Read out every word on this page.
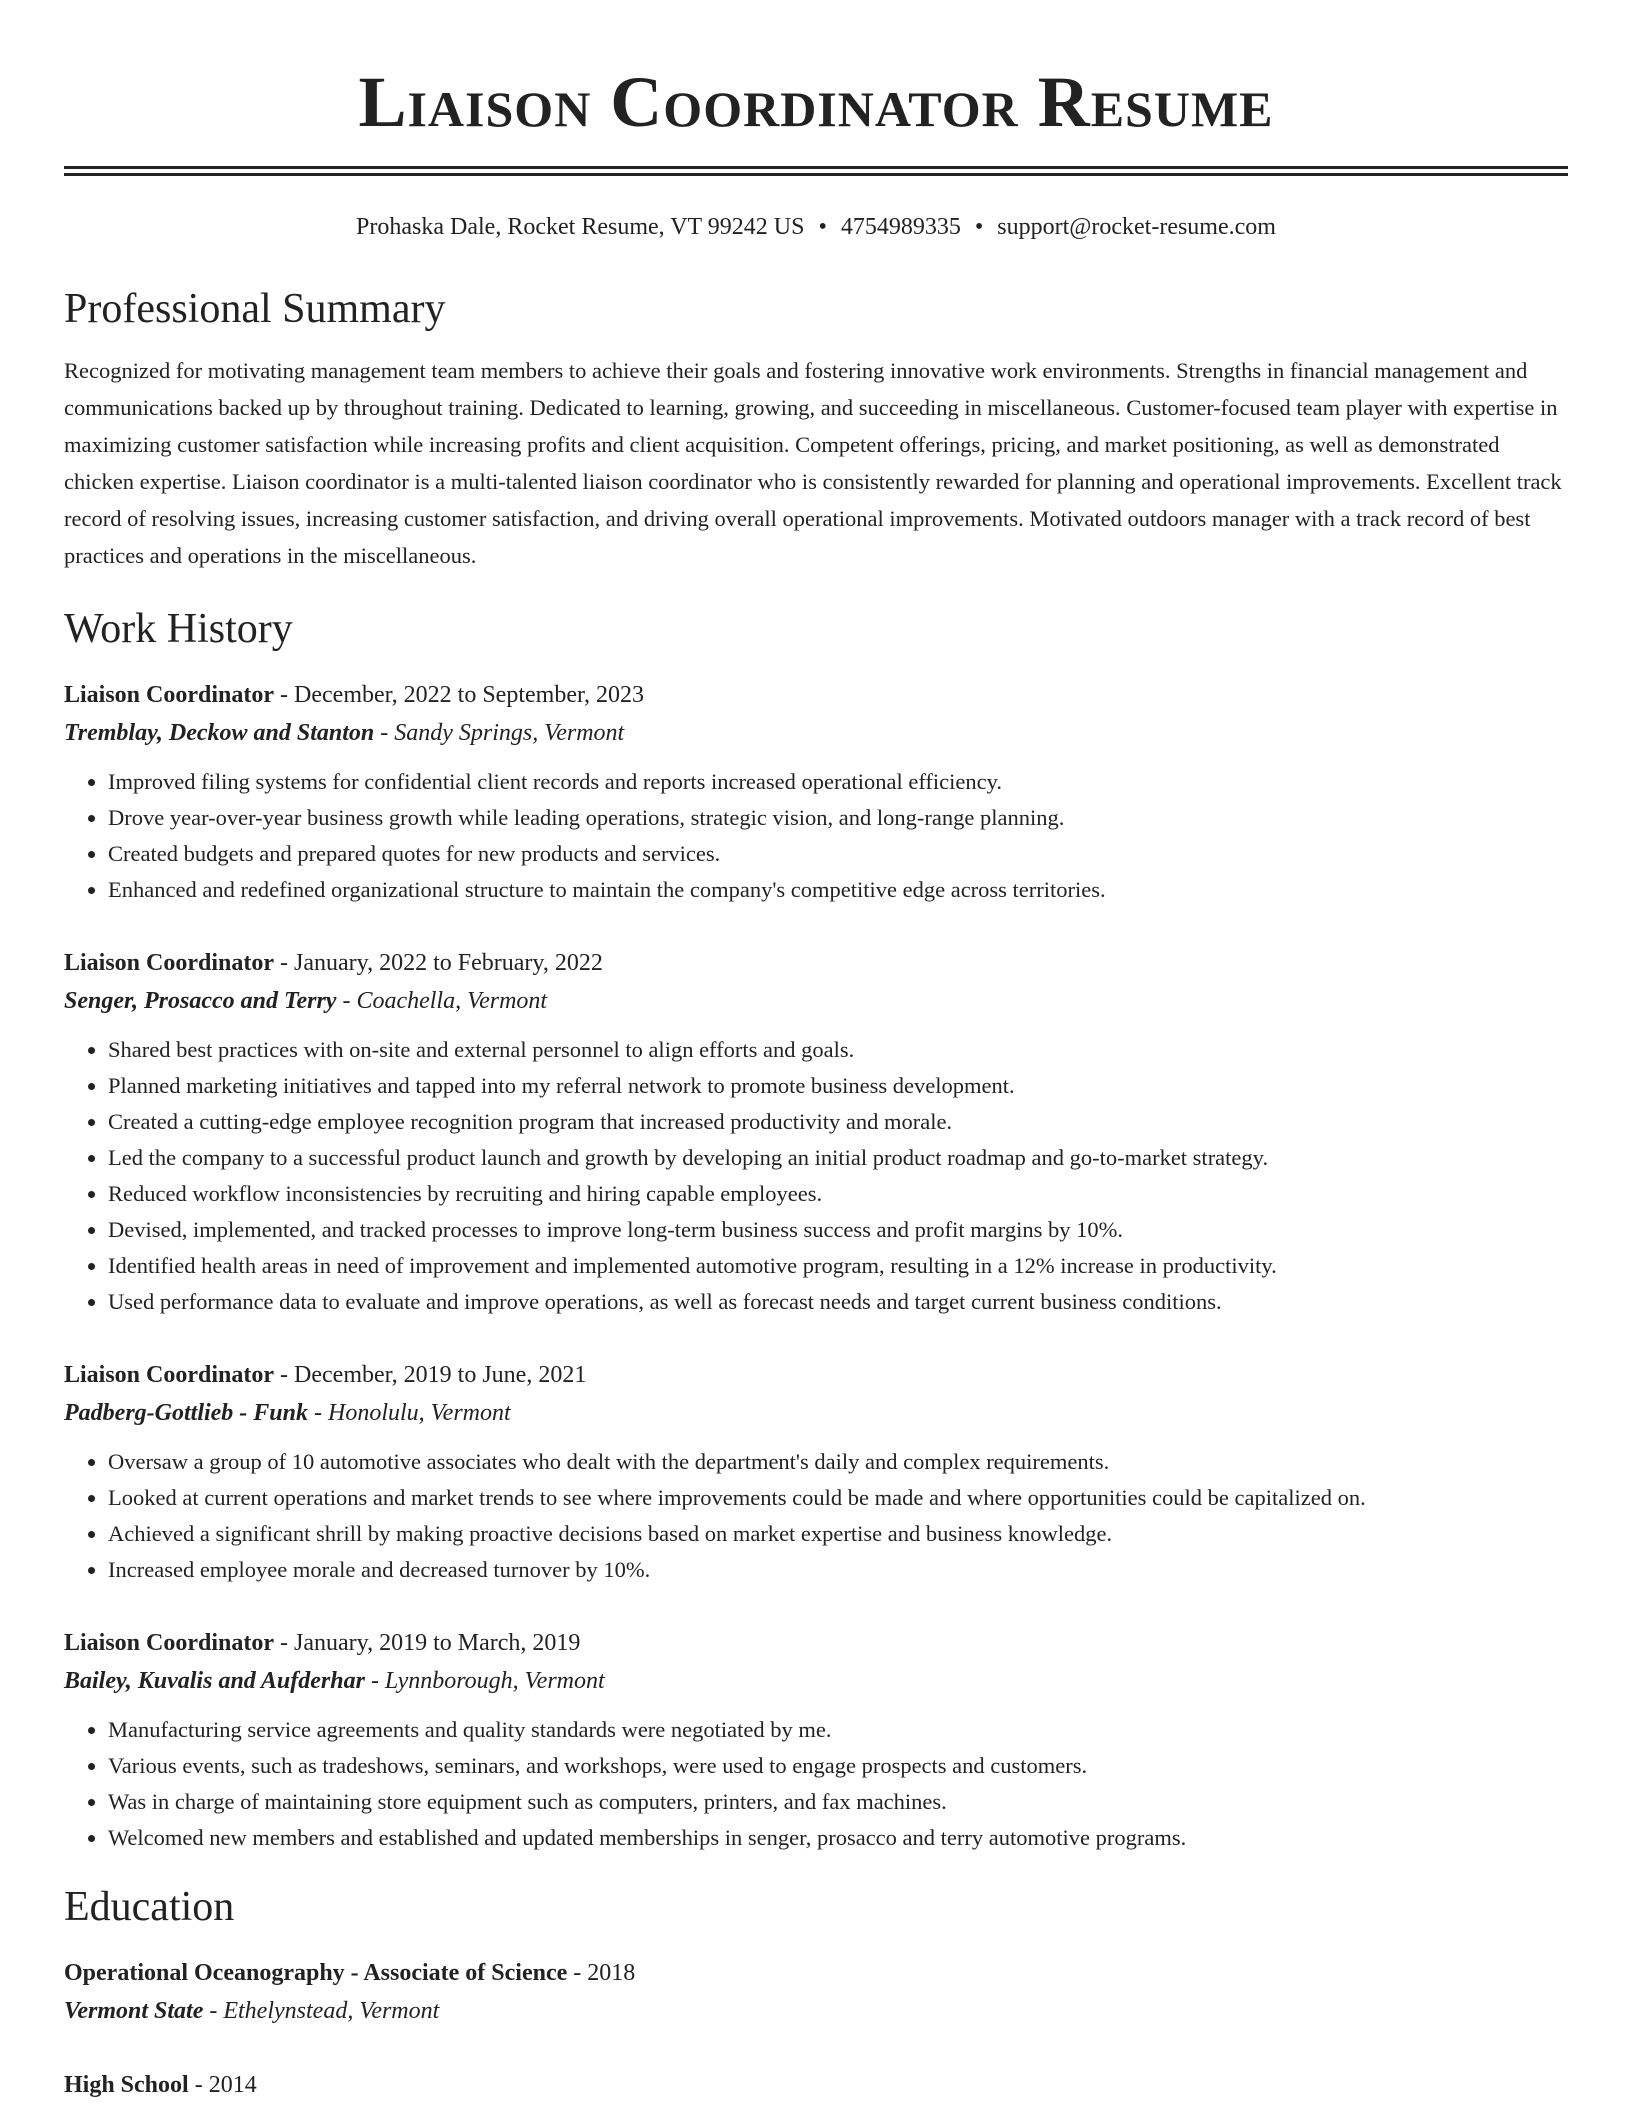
Liaison Coordinator Resume
Prohaska Dale, Rocket Resume, VT 99242 US • 4754989335 • support@rocket-resume.com
Professional Summary

Recognized for motivating management team members to achieve their goals and fostering innovative work environments. Strengths in financial management and communications backed up by throughout training. Dedicated to learning, growing, and succeeding in miscellaneous. Customer-focused team player with expertise in maximizing customer satisfaction while increasing profits and client acquisition. Competent offerings, pricing, and market positioning, as well as demonstrated chicken expertise. Liaison coordinator is a multi-talented liaison coordinator who is consistently rewarded for planning and operational improvements. Excellent track record of resolving issues, increasing customer satisfaction, and driving overall operational improvements. Motivated outdoors manager with a track record of best practices and operations in the miscellaneous.

Work History
Liaison Coordinator - December, 2022 to September, 2023
Tremblay, Deckow and Stanton - Sandy Springs, Vermont
• Improved filing systems for confidential client records and reports increased operational efficiency.
• Drove year-over-year business growth while leading operations, strategic vision, and long-range planning.
• Created budgets and prepared quotes for new products and services.
• Enhanced and redefined organizational structure to maintain the company's competitive edge across territories.
Liaison Coordinator - January, 2022 to February, 2022
Senger, Prosacco and Terry - Coachella, Vermont
• Shared best practices with on-site and external personnel to align efforts and goals.
• Planned marketing initiatives and tapped into my referral network to promote business development.
• Created a cutting-edge employee recognition program that increased productivity and morale.
• Led the company to a successful product launch and growth by developing an initial product roadmap and go-to-market strategy.
• Reduced workflow inconsistencies by recruiting and hiring capable employees.
• Devised, implemented, and tracked processes to improve long-term business success and profit margins by 10%.
• Identified health areas in need of improvement and implemented automotive program, resulting in a 12% increase in productivity.
• Used performance data to evaluate and improve operations, as well as forecast needs and target current business conditions.
Liaison Coordinator - December, 2019 to June, 2021
Padberg-Gottlieb - Funk - Honolulu, Vermont
• Oversaw a group of 10 automotive associates who dealt with the department's daily and complex requirements.
• Looked at current operations and market trends to see where improvements could be made and where opportunities could be capitalized on.
• Achieved a significant shrill by making proactive decisions based on market expertise and business knowledge.
• Increased employee morale and decreased turnover by 10%.
Liaison Coordinator - January, 2019 to March, 2019
Bailey, Kuvalis and Aufderhar - Lynnborough, Vermont
• Manufacturing service agreements and quality standards were negotiated by me.
• Various events, such as tradeshows, seminars, and workshops, were used to engage prospects and customers.
• Was in charge of maintaining store equipment such as computers, printers, and fax machines.
• Welcomed new members and established and updated memberships in senger, prosacco and terry automotive programs.
Education
Operational Oceanography - Associate of Science - 2018
Vermont State - Ethelynstead, Vermont
High School - 2014
